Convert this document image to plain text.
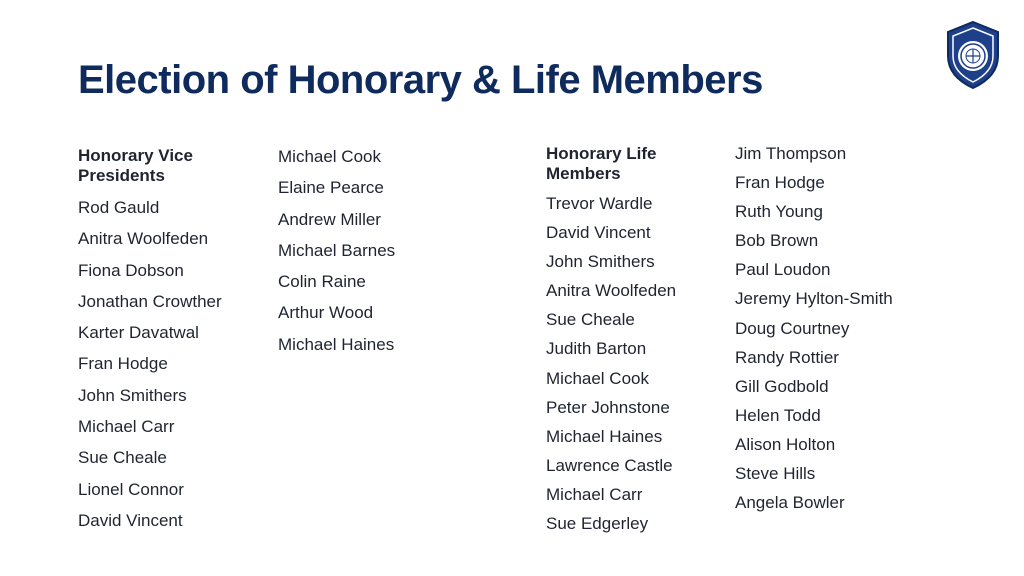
Election of Honorary & Life Members
Honorary Vice Presidents
Rod Gauld
Anitra Woolfeden
Fiona Dobson
Jonathan Crowther
Karter Davatwal
Fran Hodge
John Smithers
Michael Carr
Sue Cheale
Lionel Connor
David Vincent
Michael Cook
Elaine Pearce
Andrew Miller
Michael Barnes
Colin Raine
Arthur Wood
Michael Haines
Honorary Life Members
Trevor Wardle
David Vincent
John Smithers
Anitra Woolfeden
Sue Cheale
Judith Barton
Michael Cook
Peter Johnstone
Michael Haines
Lawrence Castle
Michael Carr
Sue Edgerley
Jim Thompson
Fran Hodge
Ruth Young
Bob Brown
Paul Loudon
Jeremy Hylton-Smith
Doug Courtney
Randy Rottier
Gill Godbold
Helen Todd
Alison Holton
Steve Hills
Angela Bowler
